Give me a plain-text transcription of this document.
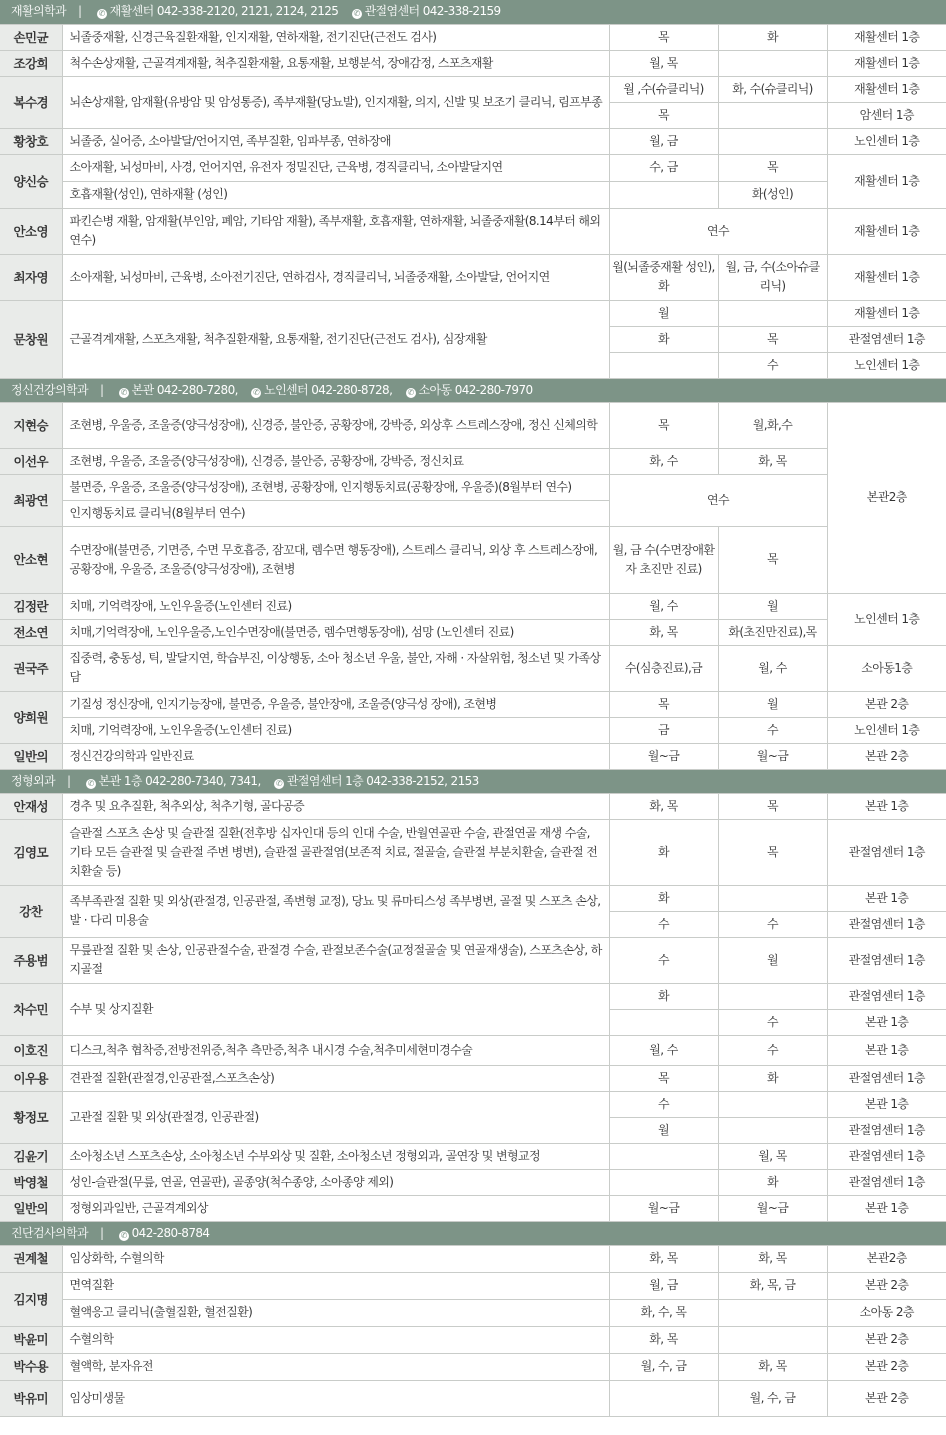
재활의학과 | ✆ 재활센터 042-338-2120, 2121, 2124, 2125 ✆ 관절염센터 042-338-2159				
손민균	뇌졸중재활, 신경근육질환재활, 인지재활, 연하재활, 전기진단(근전도 검사)	목	화	재활센터 1층
조강희	척수손상재활, 근골격계재활, 척추질환재활, 요통재활, 보행분석, 장애감정, 스포츠재활	월, 목		재활센터 1층
복수경	뇌손상재활, 암재활(유방암 및 암성통증), 족부재활(당뇨발), 인지재활, 의지, 신발 및 보조기 클리닉, 림프부종	월 ,수(슈클리닉)	화, 수(슈클리닉)	재활센터 1층
		목		암센터 1층
황창호	뇌졸중, 실어증, 소아발달/언어지연, 족부질환, 임파부종, 연하장애	월, 금		노인센터 1층
양신승	소아재활, 뇌성마비, 사경, 언어지연, 유전자 정밀진단, 근육병, 경직클리닉, 소아발달지연	수, 금	목	재활센터 1층
	호흡재활(성인), 연하재활 (성인)		화(성인)	
안소영	파킨슨병 재활, 암재활(부인암, 폐암, 기타암 재활), 족부재활, 호흡재활, 연하재활, 뇌졸중재활(8.14부터 해외연수)	연수		재활센터 1층
최자영	소아재활, 뇌성마비, 근육병, 소아전기진단, 연하검사, 경직클리닉, 뇌졸중재활, 소아발달, 언어지연	월(뇌졸중재활 성인), 화	월, 금, 수(소아슈클리닉)	재활센터 1층
문창원	근골격계재활, 스포츠재활, 척추질환재활, 요통재활, 전기진단(근전도 검사), 심장재활	월		재활센터 1층
		화	목	관절염센터 1층
			수	노인센터 1층
정신건강의학과 | ✆ 본관 042-280-7280, ✆ 노인센터 042-280-8728, ✆ 소아동 042-280-7970				
지현승	조현병, 우울증, 조울증(양극성장애), 신경증, 불안증, 공황장애, 강박증, 외상후 스트레스장애, 정신 신체의학	목	월,화,수	본관2층
이선우	조현병, 우울증, 조울증(양극성장애), 신경증, 불안증, 공황장애, 강박증, 정신치료	화, 수	화, 목	
최광연	불면증, 우울증, 조울증(양극성장애), 조현병, 공황장애, 인지행동치료(공황장애, 우울증)(8월부터 연수)	연수		
	인지행동치료 클리닉(8월부터 연수)			
안소현	수면장애(불면증, 기면증, 수면 무호흡증, 잠꼬대, 렘수면 행동장애), 스트레스 클리닉, 외상 후 스트레스장애, 공황장애, 우울증, 조울증(양극성장애), 조현병	월, 금 수(수면장애환자 초진만 진료)	목	
김정란	치매, 기억력장애, 노인우울증(노인센터 진료)	월, 수	월	노인센터 1층
전소연	치매,기억력장애, 노인우울증,노인수면장애(불면증, 렘수면행동장애), 섬망 (노인센터 진료)	화, 목	화(초진만진료),목	
권국주	집중력, 충동성, 틱, 발달지연, 학습부진, 이상행동, 소아 청소년 우울, 불안, 자해 · 자살위험, 청소년 및 가족상담	수(심층진료),금	월, 수	소아동1층
양희원	기질성 정신장애, 인지기능장애, 불면증, 우울증, 불안장애, 조울증(양극성 장애), 조현병	목	월	본관 2층
	치매, 기억력장애, 노인우울증(노인센터 진료)	금	수	노인센터 1층
일반의	정신건강의학과 일반진료	월~금	월~금	본관 2층
정형외과 | ✆ 본관 1층 042-280-7340, 7341, ✆ 관절염센터 1층 042-338-2152, 2153				
안재성	경추 및 요추질환, 척추외상, 척추기형, 골다공증	화, 목	목	본관 1층
김영모	슬관절 스포츠 손상 및 슬관절 질환(전후방 십자인대 등의 인대 수술, 반월연골판 수술, 관절연골 재생 수술, 기타 모든 슬관절 및 슬관절 주변 병변), 슬관절 골관절염(보존적 치료, 절골술, 슬관절 부분치환술, 슬관절 전치환술 등)	화	목	관절염센터 1층
강찬	족부족관절 질환 및 외상(관절경, 인공관절, 족변형 교정), 당뇨 및 류마티스성 족부병변, 골절 및 스포츠 손상, 발 · 다리 미용술	화		본관 1층
		수	수	관절염센터 1층
주용범	무릎관절 질환 및 손상, 인공관절수술, 관절경 수술, 관절보존수술(교정절골술 및 연골재생술), 스포츠손상, 하지골절	수	월	관절염센터 1층
차수민	수부 및 상지질환	화		관절염센터 1층
			수	본관 1층
이호진	디스크,척추 협착증,전방전위증,척추 측만증,척추 내시경 수술,척추미세현미경수술	월, 수	수	본관 1층
이우용	견관절 질환(관절경,인공관절,스포츠손상)	목	화	관절염센터 1층
황정모	고관절 질환 및 외상(관절경, 인공관절)	수		본관 1층
		월		관절염센터 1층
김윤기	소아청소년 스포츠손상, 소아청소년 수부외상 및 질환, 소아청소년 정형외과, 골연장 및 변형교정		월, 목	관절염센터 1층
박영철	성인-슬관절(무릎, 연골, 연골판), 골종양(척수종양, 소아종양 제외)		화	관절염센터 1층
일반의	정형외과일반, 근골격계외상	월~금	월~금	본관 1층
진단검사의학과 | ✆ 042-280-8784				
권계철	임상화학, 수혈의학	화, 목	화, 목	본관2층
김지명	면역질환	월, 금	화, 목, 금	본관 2층
	혈액응고 클리닉(출혈질환, 혈전질환)	화, 수, 목		소아동 2층
박윤미	수혈의학	화, 목		본관 2층
박수용	혈액학, 분자유전	월, 수, 금	화, 목	본관 2층
박유미	임상미생물		월, 수, 금	본관 2층
